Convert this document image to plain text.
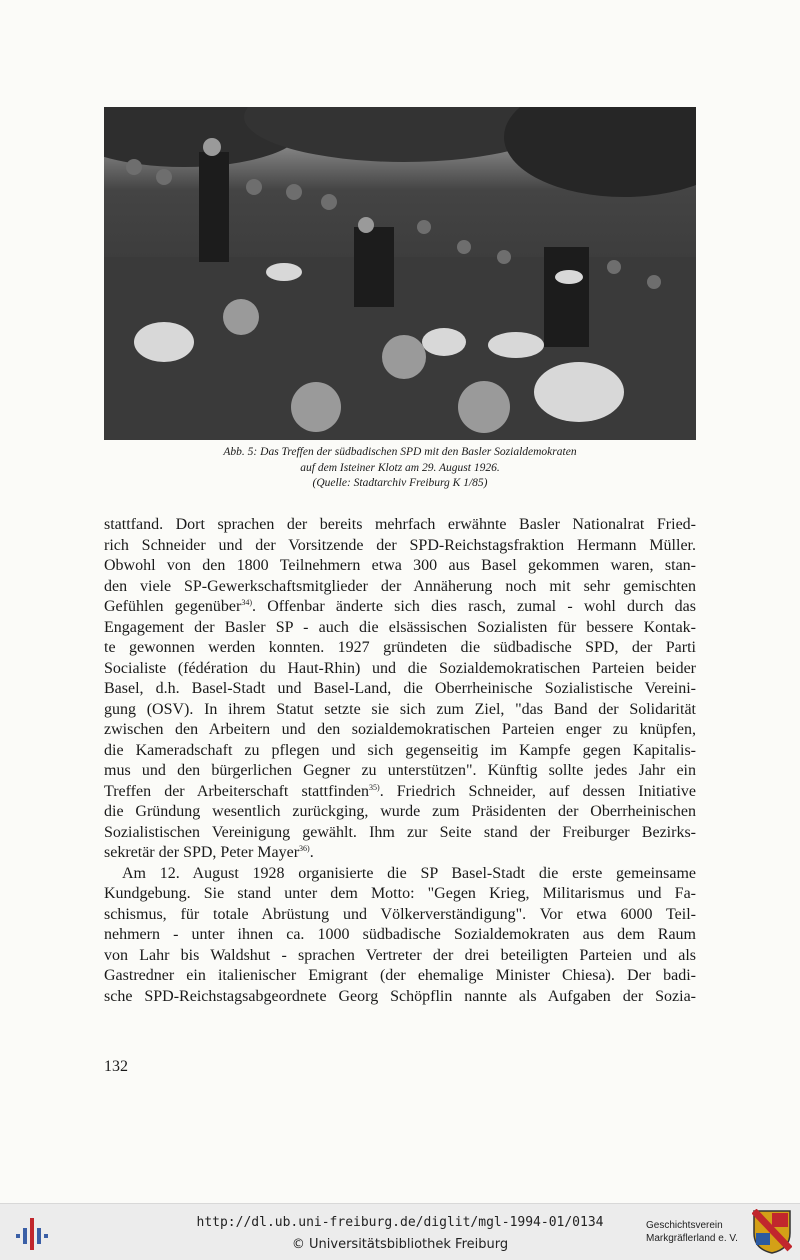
Abb. 5: Das Treffen der südbadischen SPD mit den Basler Sozialdemokraten
auf dem Isteiner Klotz am 29. August 1926.
(Quelle: Stadtarchiv Freiburg K 1/85)
stattfand. Dort sprachen der bereits mehrfach erwähnte Basler Nationalrat Fried-
rich Schneider und der Vorsitzende der SPD-Reichstagsfraktion Hermann Müller.
Obwohl von den 1800 Teilnehmern etwa 300 aus Basel gekommen waren, stan-
den viele SP-Gewerkschaftsmitglieder der Annäherung noch mit sehr gemischten
Gefühlen gegenüber$^{34)}$. Offenbar änderte sich dies rasch, zumal - wohl durch das
Engagement der Basler SP - auch die elsässischen Sozialisten für bessere Kontak-
te gewonnen werden konnten. 1927 gründeten die südbadische SPD, der Parti
Socialiste (fédération du Haut-Rhin) und die Sozialdemokratischen Parteien beider
Basel, d.h. Basel-Stadt und Basel-Land, die Oberrheinische Sozialistische Vereini-
gung (OSV). In ihrem Statut setzte sie sich zum Ziel, "das Band der Solidarität
zwischen den Arbeitern und den sozialdemokratischen Parteien enger zu knüpfen,
die Kameradschaft zu pflegen und sich gegenseitig im Kampfe gegen Kapitalis-
mus und den bürgerlichen Gegner zu unterstützen". Künftig sollte jedes Jahr ein
Treffen der Arbeiterschaft stattfinden$^{35)}$. Friedrich Schneider, auf dessen Initiative
die Gründung wesentlich zurückging, wurde zum Präsidenten der Oberrheinischen
Sozialistischen Vereinigung gewählt. Ihm zur Seite stand der Freiburger Bezirks-
sekretär der SPD, Peter Mayer$^{36)}$.
Am 12. August 1928 organisierte die SP Basel-Stadt die erste gemeinsame
Kundgebung. Sie stand unter dem Motto: "Gegen Krieg, Militarismus und Fa-
schismus, für totale Abrüstung und Völkerverständigung". Vor etwa 6000 Teil-
nehmern - unter ihnen ca. 1000 südbadische Sozialdemokraten aus dem Raum
von Lahr bis Waldshut - sprachen Vertreter der drei beteiligten Parteien und als
Gastredner ein italienischer Emigrant (der ehemalige Minister Chiesa). Der badi-
sche SPD-Reichstagsabgeordnete Georg Schöpflin nannte als Aufgaben der Sozia-
132
http://dl.ub.uni-freiburg.de/diglit/mgl-1994-01/0134
© Universitätsbibliothek Freiburg
Geschichtsverein
Markgräflerland e. V.
